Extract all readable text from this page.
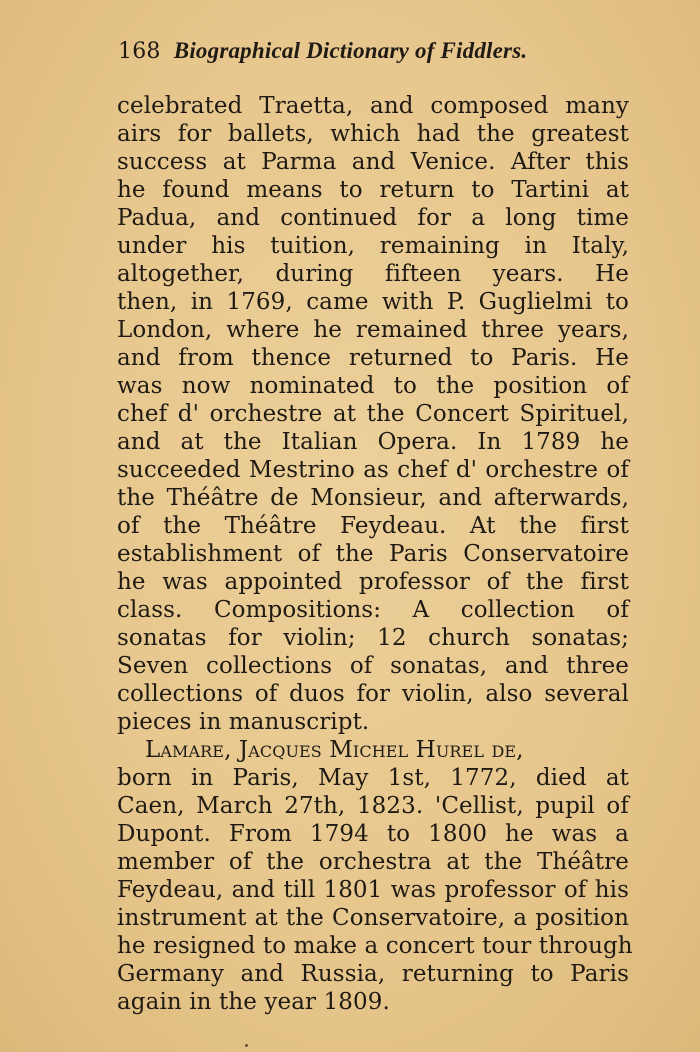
168 Biographical Dictionary of Fiddlers.
celebrated Traetta, and composed many
airs for ballets, which had the greatest
success at Parma and Venice. After this
he found means to return to Tartini at
Padua, and continued for a long time
under his tuition, remaining in Italy,
altogether, during fifteen years. He
then, in 1769, came with P. Guglielmi to
London, where he remained three years,
and from thence returned to Paris. He
was now nominated to the position of
chef d' orchestre at the Concert Spirituel,
and at the Italian Opera. In 1789 he
succeeded Mestrino as chef d' orchestre of
the Théâtre de Monsieur, and afterwards,
of the Théâtre Feydeau. At the first
establishment of the Paris Conservatoire
he was appointed professor of the first
class. Compositions: A collection of
sonatas for violin; 12 church sonatas;
Seven collections of sonatas, and three
collections of duos for violin, also several
pieces in manuscript.
Lamare, Jacques Michel Hurel de,
born in Paris, May 1st, 1772, died at
Caen, March 27th, 1823. 'Cellist, pupil of
Dupont. From 1794 to 1800 he was a
member of the orchestra at the Théâtre
Feydeau, and till 1801 was professor of his
instrument at the Conservatoire, a position
he resigned to make a concert tour through
Germany and Russia, returning to Paris
again in the year 1809.
